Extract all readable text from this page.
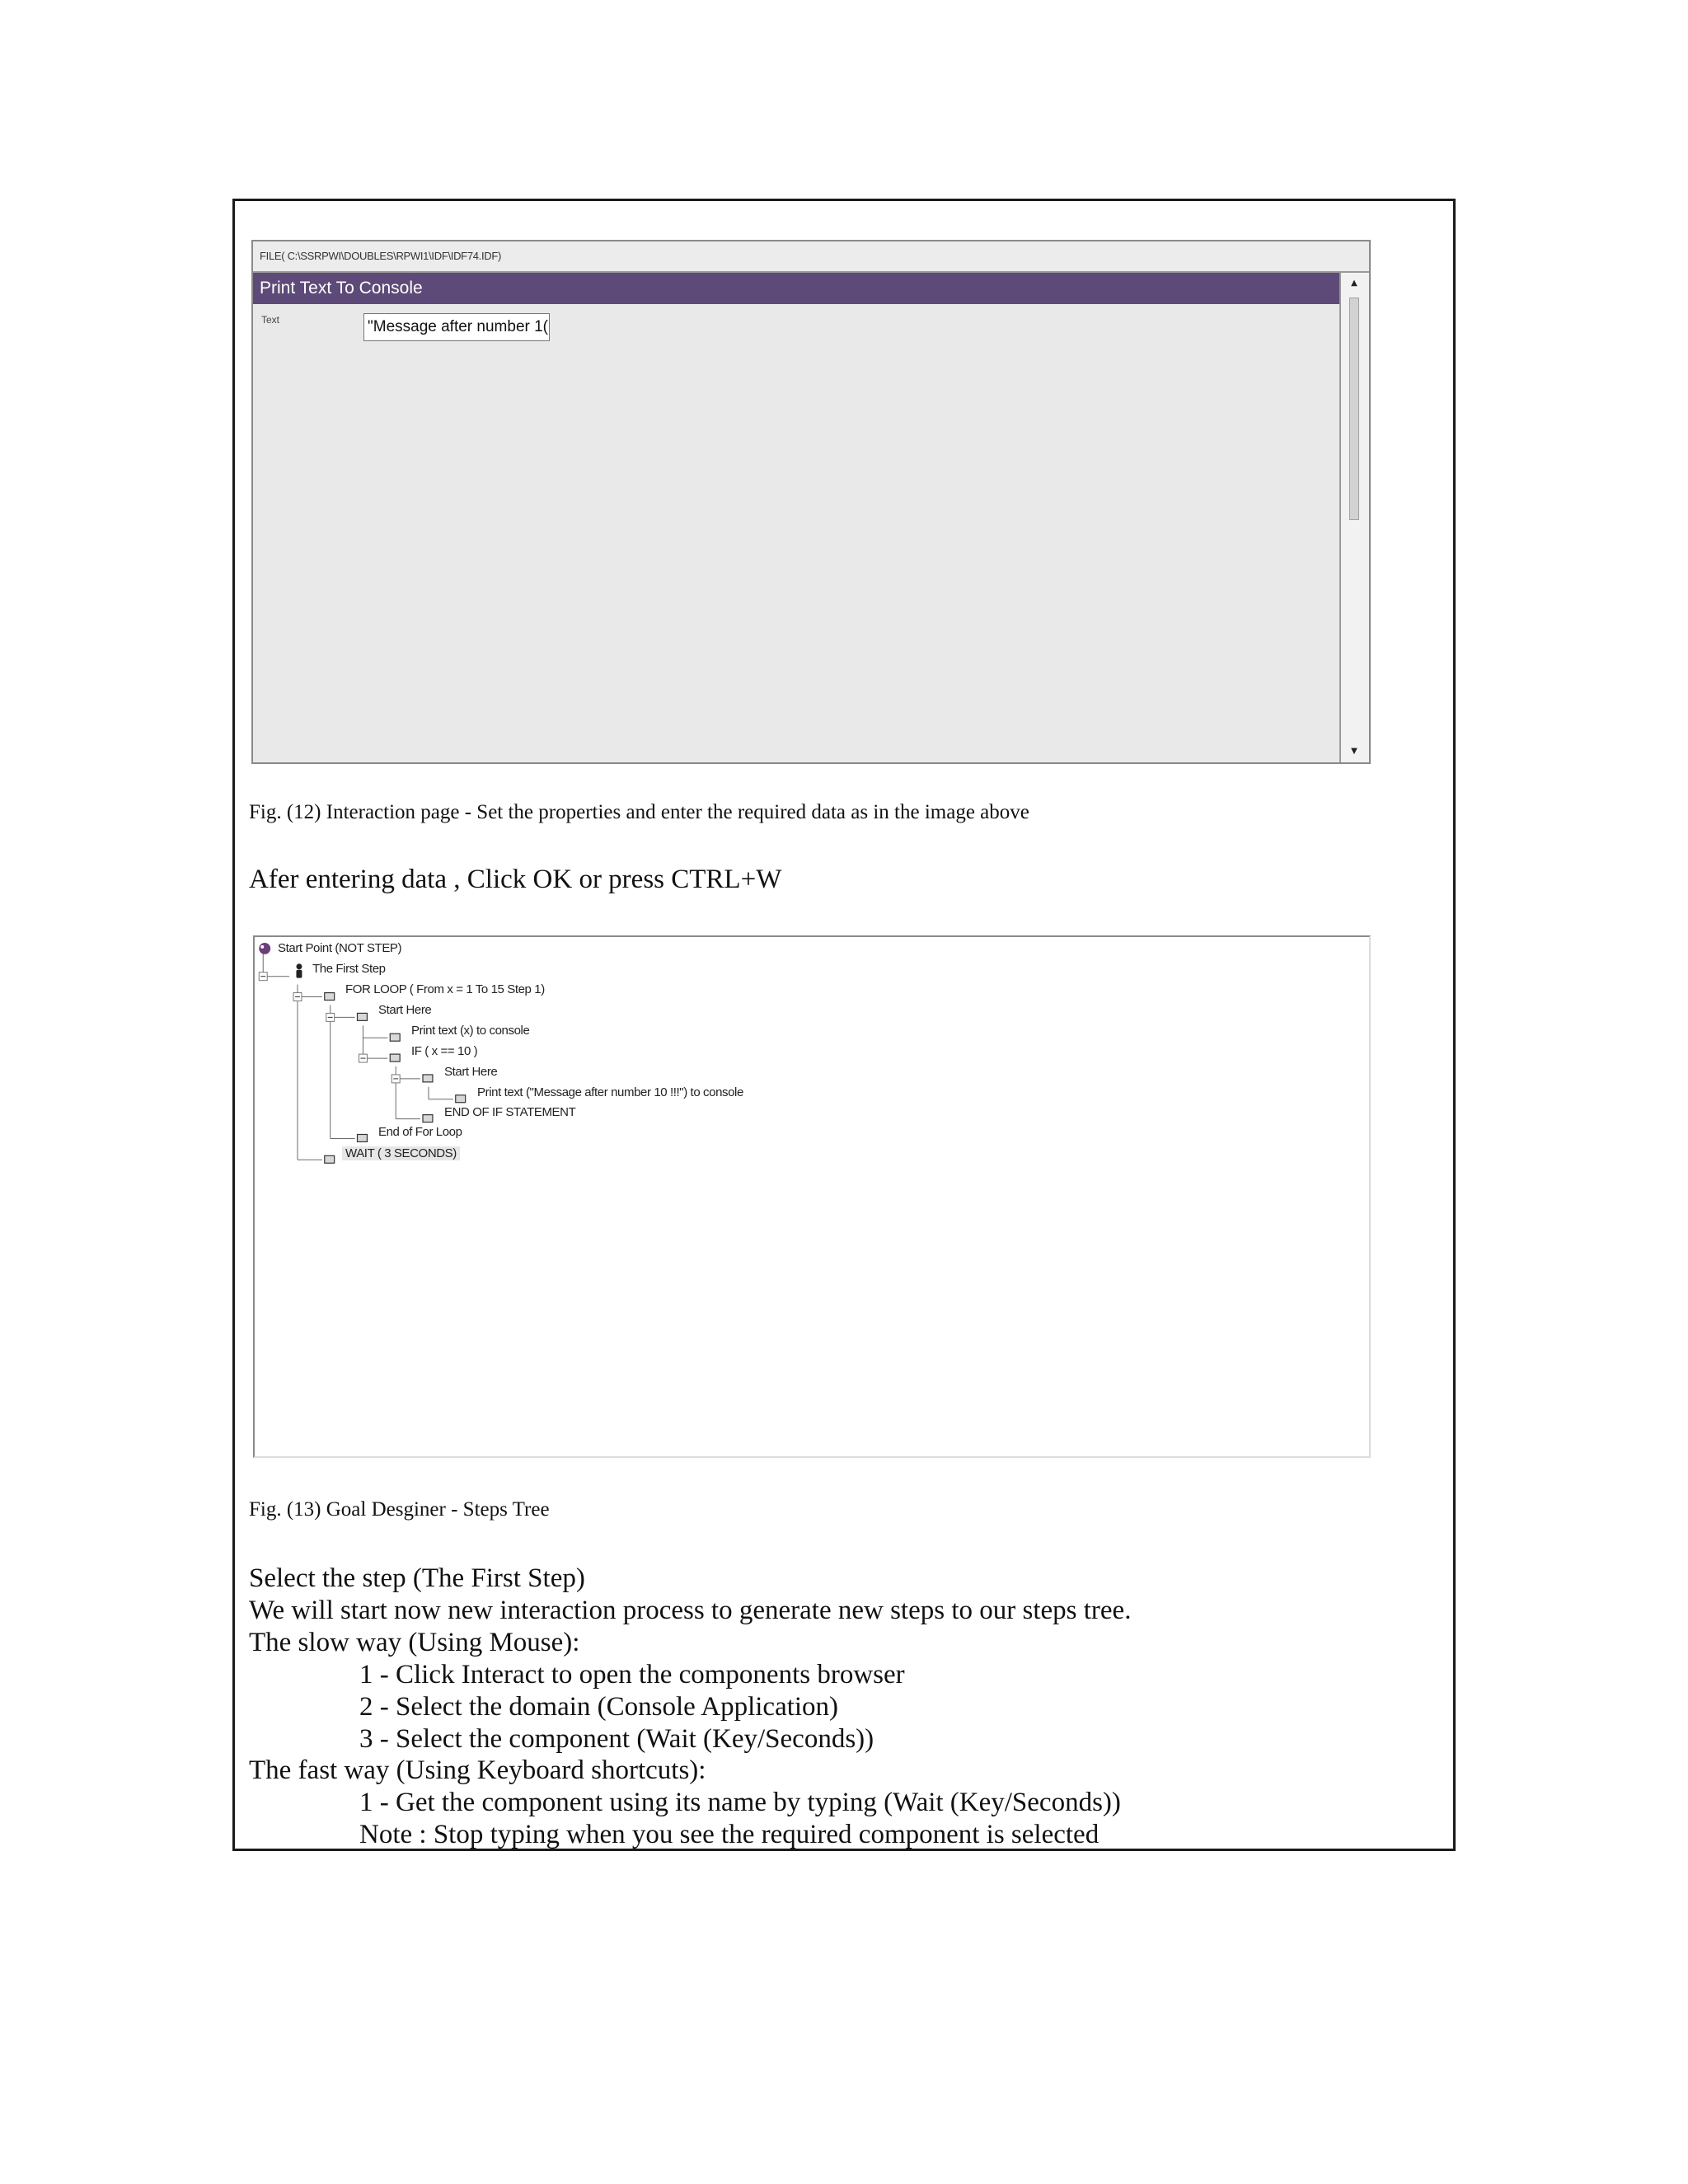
FILE( C:\SSRPWI\DOUBLES\RPWI1\IDF\IDF74.IDF)
Print Text To Console
Text	"Message after number 1(
▲
▼
Fig. (12) Interaction page - Set the properties and enter the required data as in the image above
Afer entering data , Click OK or press CTRL+W
Start Point (NOT STEP)
The First Step
FOR LOOP ( From x = 1 To 15 Step 1)
Start Here
Print text (x) to console
IF ( x == 10 )
Start Here
Print text ("Message after number 10 !!!") to console
END OF IF STATEMENT
End of For Loop
WAIT ( 3 SECONDS)
Fig. (13) Goal Desginer - Steps Tree
Select the step (The First Step)
We will start now new interaction process to generate new steps to our steps tree.
The slow way (Using Mouse):
1 - Click Interact to open the components browser
2 - Select the domain (Console Application)
3 - Select the component (Wait (Key/Seconds))
The fast way (Using Keyboard shortcuts):
1 - Get the component using its name by typing (Wait (Key/Seconds))
Note : Stop typing when you see the required component is selected
